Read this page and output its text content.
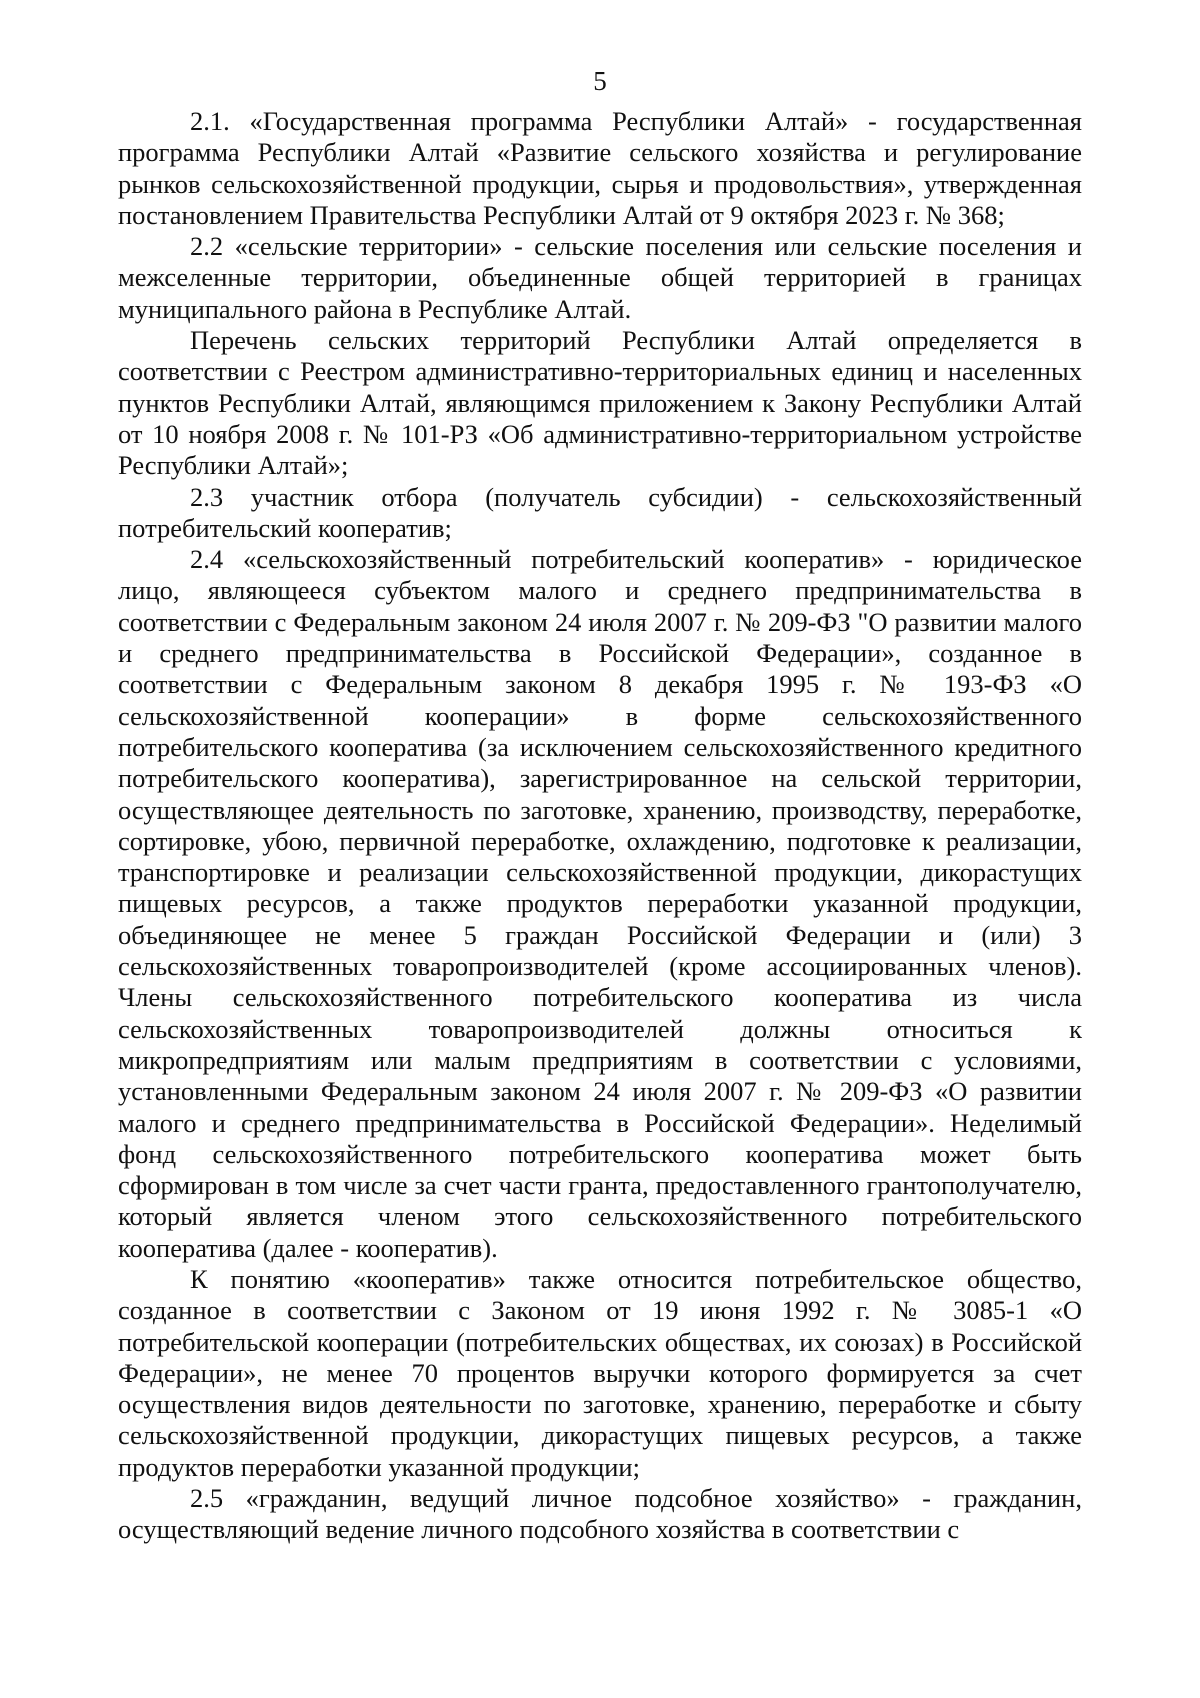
5

2.1. «Государственная программа Республики Алтай» - государственная программа Республики Алтай «Развитие сельского хозяйства и регулирование рынков сельскохозяйственной продукции, сырья и продовольствия», утвержденная постановлением Правительства Республики Алтай от 9 октября 2023 г. № 368;

2.2 «сельские территории» - сельские поселения или сельские поселения и межселенные территории, объединенные общей территорией в границах муниципального района в Республике Алтай.

Перечень сельских территорий Республики Алтай определяется в соответствии с Реестром административно-территориальных единиц и населенных пунктов Республики Алтай, являющимся приложением к Закону Республики Алтай от 10 ноября 2008 г. № 101-РЗ «Об административно-территориальном устройстве Республики Алтай»;

2.3 участник отбора (получатель субсидии) - сельскохозяйственный потребительский кооператив;

2.4 «сельскохозяйственный потребительский кооператив» - юридическое лицо, являющееся субъектом малого и среднего предпринимательства в соответствии с Федеральным законом 24 июля 2007 г. № 209-ФЗ "О развитии малого и среднего предпринимательства в Российской Федерации», созданное в соответствии с Федеральным законом 8 декабря 1995 г. № 193-ФЗ «О сельскохозяйственной кооперации» в форме сельскохозяйственного потребительского кооператива (за исключением сельскохозяйственного кредитного потребительского кооператива), зарегистрированное на сельской территории, осуществляющее деятельность по заготовке, хранению, производству, переработке, сортировке, убою, первичной переработке, охлаждению, подготовке к реализации, транспортировке и реализации сельскохозяйственной продукции, дикорастущих пищевых ресурсов, а также продуктов переработки указанной продукции, объединяющее не менее 5 граждан Российской Федерации и (или) 3 сельскохозяйственных товаропроизводителей (кроме ассоциированных членов). Члены сельскохозяйственного потребительского кооператива из числа сельскохозяйственных товаропроизводителей должны относиться к микропредприятиям или малым предприятиям в соответствии с условиями, установленными Федеральным законом 24 июля 2007 г. № 209-ФЗ «О развитии малого и среднего предпринимательства в Российской Федерации». Неделимый фонд сельскохозяйственного потребительского кооператива может быть сформирован в том числе за счет части гранта, предоставленного грантополучателю, который является членом этого сельскохозяйственного потребительского кооператива (далее - кооператив).

К понятию «кооператив» также относится потребительское общество, созданное в соответствии с Законом от 19 июня 1992 г. № 3085-1 «О потребительской кооперации (потребительских обществах, их союзах) в Российской Федерации», не менее 70 процентов выручки которого формируется за счет осуществления видов деятельности по заготовке, хранению, переработке и сбыту сельскохозяйственной продукции, дикорастущих пищевых ресурсов, а также продуктов переработки указанной продукции;

2.5 «гражданин, ведущий личное подсобное хозяйство» - гражданин, осуществляющий ведение личного подсобного хозяйства в соответствии с
